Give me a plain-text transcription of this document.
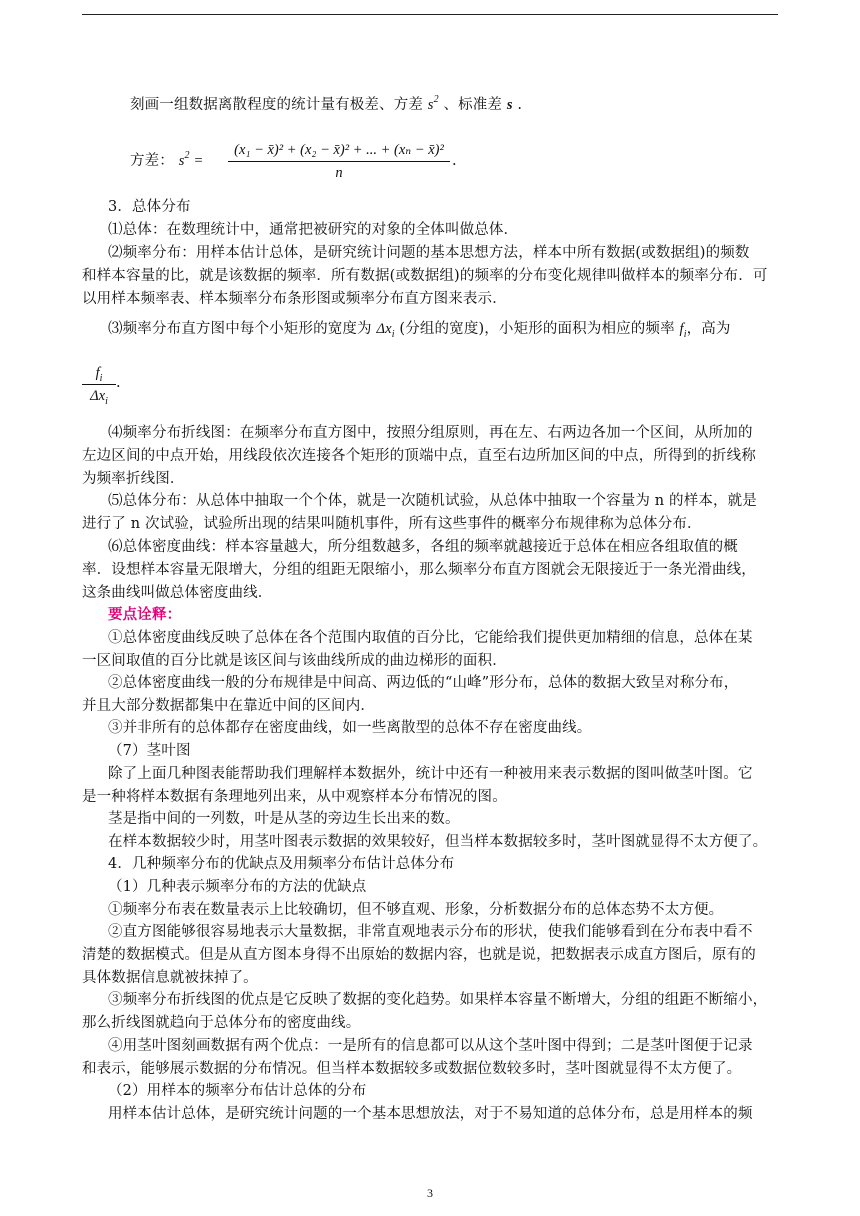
刻画一组数据离散程度的统计量有极差、方差 $s^2$ 、标准差 s .
方差： $s^2$ =
(x₁ − x̄)² + (x₂ − x̄)² + ... + (xₙ − x̄)²
n
.
3．总体分布
⑴总体：在数理统计中，通常把被研究的对象的全体叫做总体．
⑵频率分布：用样本估计总体，是研究统计问题的基本思想方法，样本中所有数据(或数据组)的频数
和样本容量的比，就是该数据的频率．所有数据(或数据组)的频率的分布变化规律叫做样本的频率分布．可
以用样本频率表、样本频率分布条形图或频率分布直方图来表示．
⑶频率分布直方图中每个小矩形的宽度为 $\Delta x_i$ (分组的宽度)，小矩形的面积为相应的频率 $f_i$，高为
$f_i$
$\Delta x_i$
.
⑷频率分布折线图：在频率分布直方图中，按照分组原则，再在左、右两边各加一个区间，从所加的
左边区间的中点开始，用线段依次连接各个矩形的顶端中点，直至右边所加区间的中点，所得到的折线称
为频率折线图．
⑸总体分布：从总体中抽取一个个体，就是一次随机试验，从总体中抽取一个容量为 n 的样本，就是
进行了 n 次试验，试验所出现的结果叫随机事件，所有这些事件的概率分布规律称为总体分布．
⑹总体密度曲线：样本容量越大，所分组数越多，各组的频率就越接近于总体在相应各组取值的概
率．设想样本容量无限增大，分组的组距无限缩小，那么频率分布直方图就会无限接近于一条光滑曲线，
这条曲线叫做总体密度曲线．
要点诠释：
①总体密度曲线反映了总体在各个范围内取值的百分比，它能给我们提供更加精细的信息，总体在某
一区间取值的百分比就是该区间与该曲线所成的曲边梯形的面积．
②总体密度曲线一般的分布规律是中间高、两边低的“山峰”形分布，总体的数据大致呈对称分布，
并且大部分数据都集中在靠近中间的区间内．
③并非所有的总体都存在密度曲线，如一些离散型的总体不存在密度曲线。
（7）茎叶图
除了上面几种图表能帮助我们理解样本数据外，统计中还有一种被用来表示数据的图叫做茎叶图。它
是一种将样本数据有条理地列出来，从中观察样本分布情况的图。
茎是指中间的一列数，叶是从茎的旁边生长出来的数。
在样本数据较少时，用茎叶图表示数据的效果较好，但当样本数据较多时，茎叶图就显得不太方便了。
4．几种频率分布的优缺点及用频率分布估计总体分布
（1）几种表示频率分布的方法的优缺点
①频率分布表在数量表示上比较确切，但不够直观、形象，分析数据分布的总体态势不太方便。
②直方图能够很容易地表示大量数据，非常直观地表示分布的形状，使我们能够看到在分布表中看不
清楚的数据模式。但是从直方图本身得不出原始的数据内容，也就是说，把数据表示成直方图后，原有的
具体数据信息就被抹掉了。
③频率分布折线图的优点是它反映了数据的变化趋势。如果样本容量不断增大，分组的组距不断缩小，
那么折线图就趋向于总体分布的密度曲线。
④用茎叶图刻画数据有两个优点：一是所有的信息都可以从这个茎叶图中得到；二是茎叶图便于记录
和表示，能够展示数据的分布情况。但当样本数据较多或数据位数较多时，茎叶图就显得不太方便了。
（2）用样本的频率分布估计总体的分布
用样本估计总体，是研究统计问题的一个基本思想放法，对于不易知道的总体分布，总是用样本的频
3
